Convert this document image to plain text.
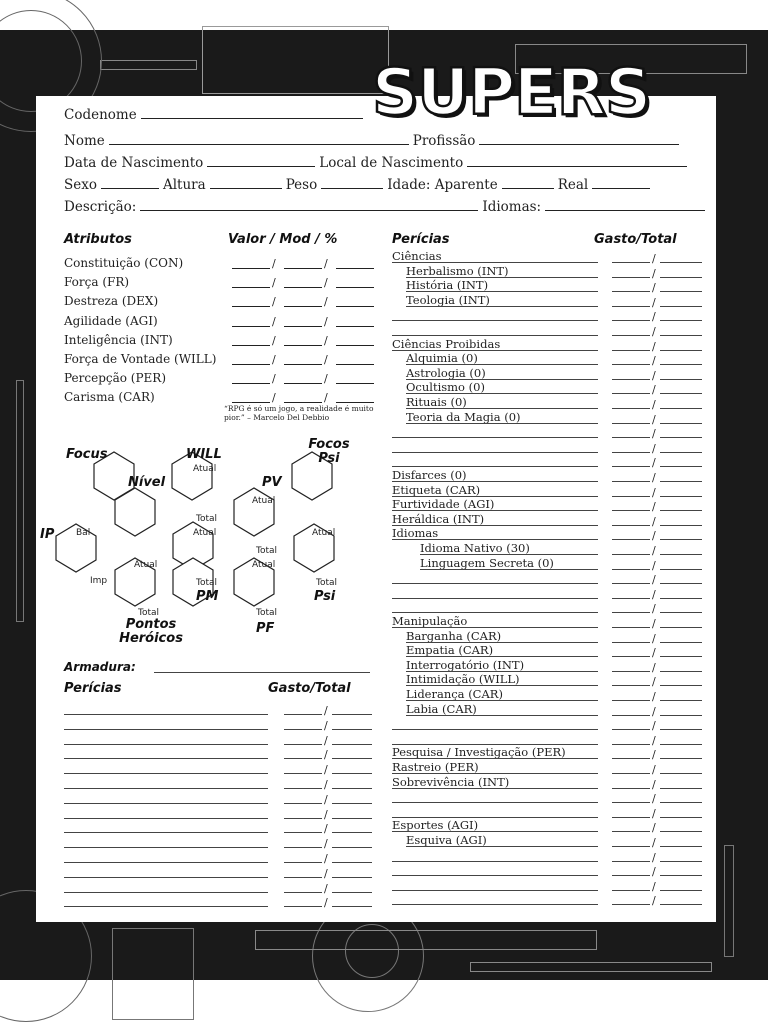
Codenome
Nome	Profissão
Data de Nascimento	Local de Nascimento
Sexo	Altura	Peso	Idade: Aparente	Real
Descrição:	Idiomas:
Atributos	Valor / Mod / %
Constituição (CON)	/	/
Força (FR)	/	/
Destreza (DEX)	/	/
Agilidade (AGI)	/	/
Inteligência (INT)	/	/
Força de Vontade (WILL)	/	/
Percepção (PER)	/	/
Carisma (CAR)	/	/
“RPG é só um jogo, a realidade é muito pior.” – Marcelo Del Debbio
Focus	WILL
Focos
Psi
Nível	PV
IP
PM	Psi
PF
Pontos
Heróicos
Atual
Total
Atual
Total
Bal
Imp
Atual
Total
Atual
Total
Atual
Total
Atual
Total
Armadura:
Perícias	Gasto/Total
/
/
/
/
/
/
/
/
/
/
/
/
/
/
Perícias	Gasto/Total
Ciências	/
Herbalismo (INT)	/
História (INT)	/
Teologia (INT)	/
/
/
Ciências Proibidas	/
Alquimia (0)	/
Astrologia (0)	/
Ocultismo (0)	/
Rituais (0)	/
Teoria da Magia (0)	/
/
/
/
Disfarces (0)	/
Etiqueta (CAR)	/
Furtividade (AGI)	/
Heráldica (INT)	/
Idiomas	/
Idioma Nativo (30)	/
Linguagem Secreta (0)	/
/
/
/
Manipulação	/
Barganha (CAR)	/
Empatia (CAR)	/
Interrogatório (INT)	/
Intimidação (WILL)	/
Liderança (CAR)	/
Labia (CAR)	/
/
/
Pesquisa / Investigação (PER)	/
Rastreio (PER)	/
Sobrevivência (INT)	/
/
/
Esportes (AGI)	/
Esquiva (AGI)	/
/
/
/
/
SUPERS
